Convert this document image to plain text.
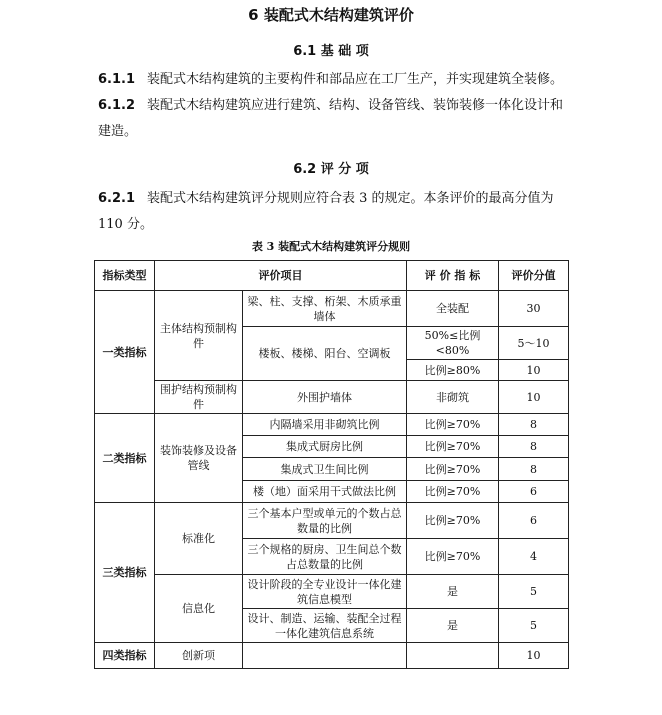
6 装配式木结构建筑评价
6.1 基 础 项
6.1.1 装配式木结构建筑的主要构件和部品应在工厂生产，并实现建筑全装修。
6.1.2 装配式木结构建筑应进行建筑、结构、设备管线、装饰装修一体化设计和建造。
6.2 评 分 项
6.2.1 装配式木结构建筑评分规则应符合表 3 的规定。本条评价的最高分值为 110 分。
表 3 装配式木结构建筑评分规则
指标类型	评价项目		评 价 指 标	评价分值
一类指标	主体结构预制构件	梁、柱、支撑、桁架、木质承重墙体	全装配	30
		楼板、楼梯、阳台、空调板	50%≤比例<80%	5～10
			比例≥80%	10
	围护结构预制构件	外围护墙体	非砌筑	10
二类指标	装饰装修及设备管线	内隔墙采用非砌筑比例	比例≥70%	8
		集成式厨房比例	比例≥70%	8
		集成式卫生间比例	比例≥70%	8
		楼（地）面采用干式做法比例	比例≥70%	6
三类指标	标准化	三个基本户型或单元的个数占总数量的比例	比例≥70%	6
		三个规格的厨房、卫生间总个数占总数量的比例	比例≥70%	4
	信息化	设计阶段的全专业设计一体化建筑信息模型	是	5
		设计、制造、运输、装配全过程一体化建筑信息系统	是	5
四类指标	创新项			10
